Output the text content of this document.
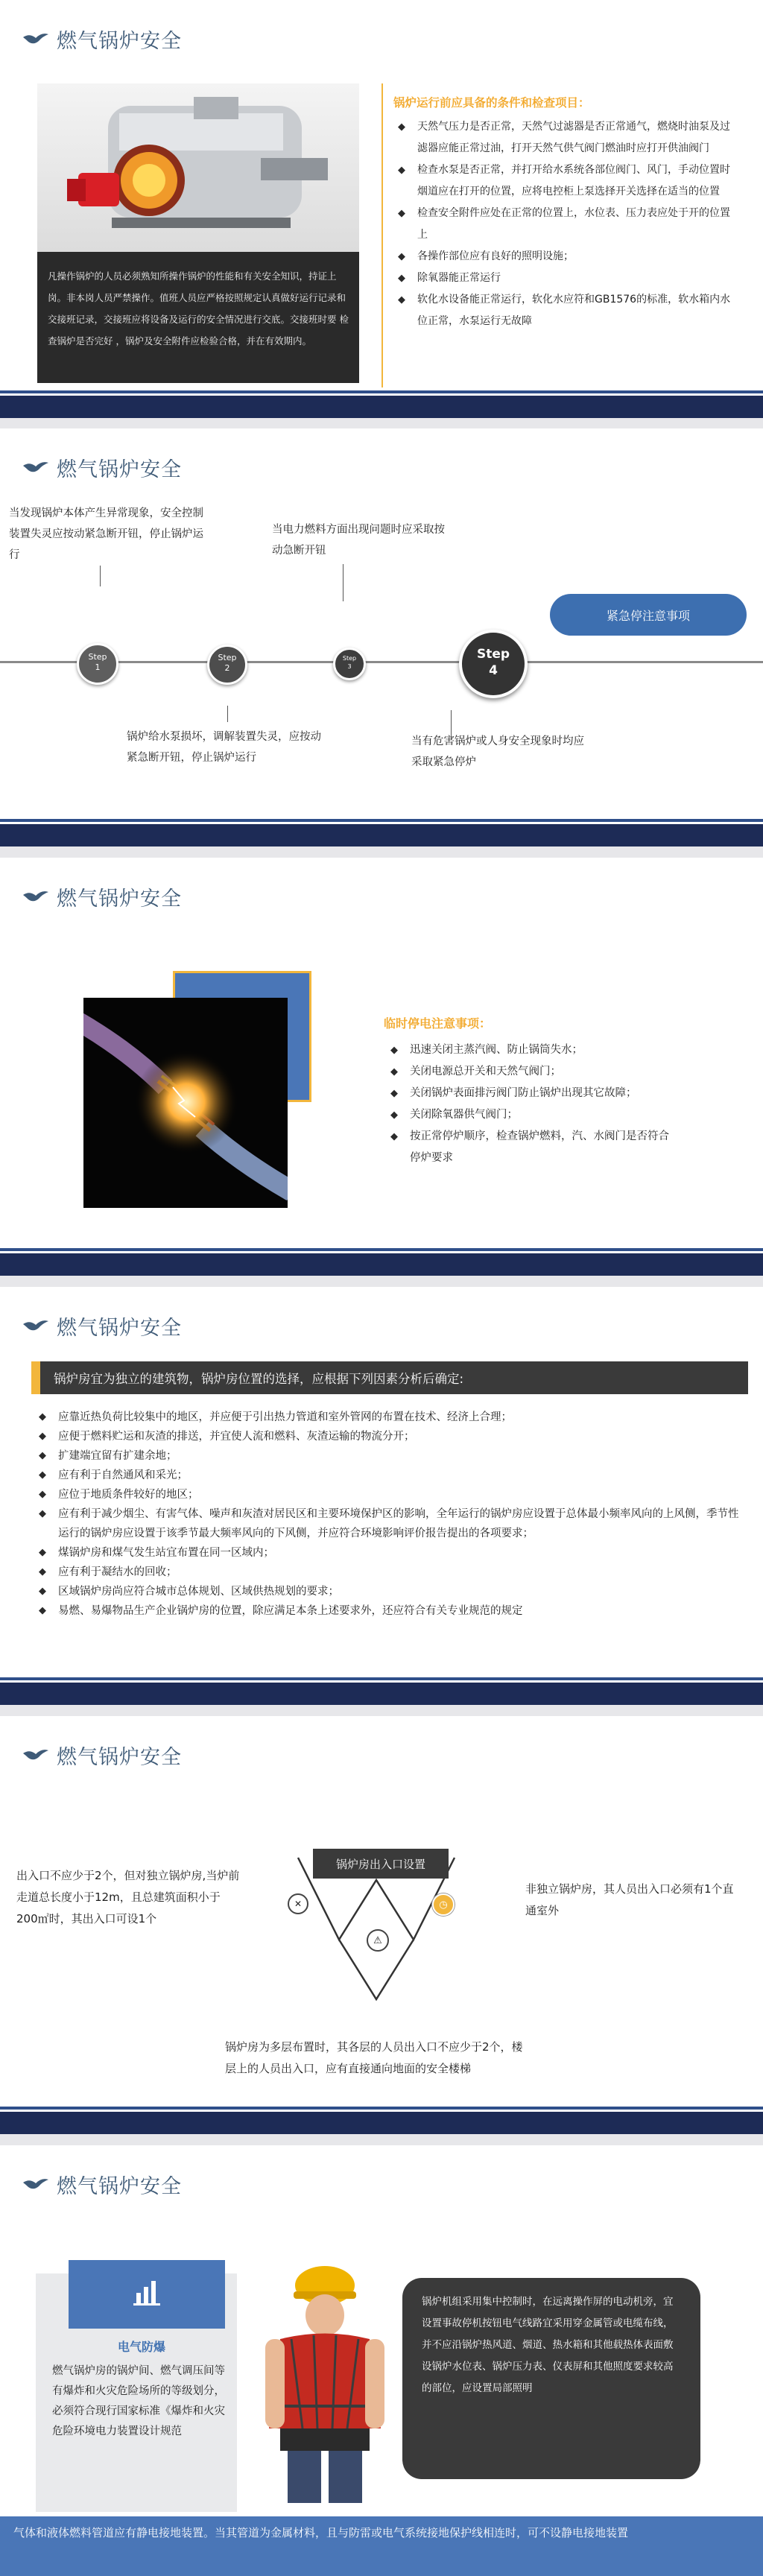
燃气锅炉安全

凡操作锅炉的人员必须熟知所操作锅炉的性能和有关安全知识，持证上岗。非本岗人员严禁操作。值班人员应严格按照规定认真做好运行记录和交接班记录，交接班应将设备及运行的安全情况进行交底。交接班时要 检查锅炉是否完好 ，锅炉及安全附件应检验合格，并在有效期内。

锅炉运行前应具备的条件和检查项目：
◆ 天然气压力是否正常，天然气过滤器是否正常通气，燃烧时油泵及过滤器应能正常过油，打开天然气供气阀门燃油时应打开供油阀门
◆ 检查水泵是否正常，并打开给水系统各部位阀门、风门，手动位置时烟道应在打开的位置，应将电控柜上泵选择开关选择在适当的位置
◆ 检查安全附件应处在正常的位置上，水位表、压力表应处于开的位置上
◆ 各操作部位应有良好的照明设施；
◆ 除氧器能正常运行
◆ 软化水设备能正常运行，软化水应符和GB1576的标准，软水箱内水位正常，水泵运行无故障
燃气锅炉安全
当发现锅炉本体产生异常现象，安全控制装置失灵应按动紧急断开钮，停止锅炉运行
当电力燃料方面出现问题时应采取按动急断开钮
紧急停注意事项
Step
1
Step
2
Step
3
Step
4
锅炉给水泵损坏，调解装置失灵，应按动紧急断开钮，停止锅炉运行
当有危害锅炉或人身安全现象时均应采取紧急停炉
燃气锅炉安全
临时停电注意事项：
◆ 迅速关闭主蒸汽阀、防止锅筒失水；
◆ 关闭电源总开关和天然气阀门；
◆ 关闭锅炉表面排污阀门防止锅炉出现其它故障；
◆ 关闭除氧器供气阀门；
◆ 按正常停炉顺序，检查锅炉燃料，汽、水阀门是否符合停炉要求
燃气锅炉安全
锅炉房宜为独立的建筑物，锅炉房位置的选择，应根据下列因素分析后确定:
◆ 应靠近热负荷比较集中的地区，并应便于引出热力管道和室外管网的布置在技术、经济上合理；
◆ 应便于燃料贮运和灰渣的排送，并宜使人流和燃料、灰渣运输的物流分开；
◆ 扩建端宜留有扩建余地；
◆ 应有利于自然通风和采光；
◆ 应位于地质条件较好的地区；
◆ 应有利于减少烟尘、有害气体、噪声和灰渣对居民区和主要环境保护区的影响，全年运行的锅炉房应设置于总体最小频率风向的上风侧，季节性运行的锅炉房应设置于该季节最大频率风向的下风侧，并应符合环境影响评价报告提出的各项要求；
◆ 煤锅炉房和煤气发生站宜布置在同一区域内；
◆ 应有利于凝结水的回收；
◆ 区域锅炉房尚应符合城市总体规划、区域供热规划的要求；
◆ 易燃、易爆物品生产企业锅炉房的位置，除应满足本条上述要求外，还应符合有关专业规范的规定
燃气锅炉安全
锅炉房出入口设置
✕
⚠
◷
出入口不应少于2个，但对独立锅炉房,当炉前走道总长度小于12m，且总建筑面积小于200㎡时，其出入口可设1个
非独立锅炉房，其人员出入口必须有1个直通室外
锅炉房为多层布置时，其各层的人员出入口不应少于2个，楼层上的人员出入口，应有直接通向地面的安全楼梯
燃气锅炉安全
电气防爆
燃气锅炉房的锅炉间、燃气调压间等有爆炸和火灾危险场所的等级划分，必须符合现行国家标准《爆炸和火灾危险环境电力装置设计规范

锅炉机组采用集中控制时，在远离操作屏的电动机旁，宜设置事故停机按钮电气线路宜采用穿金属管或电缆布线，并不应沿锅炉热风道、烟道、热水箱和其他载热体表面敷设锅炉水位表、锅炉压力表、仪表屏和其他照度要求较高的部位，应设置局部照明

气体和液体燃料管道应有静电接地装置。当其管道为金属材料，且与防雷或电气系统接地保护线相连时，可不设静电接地装置
